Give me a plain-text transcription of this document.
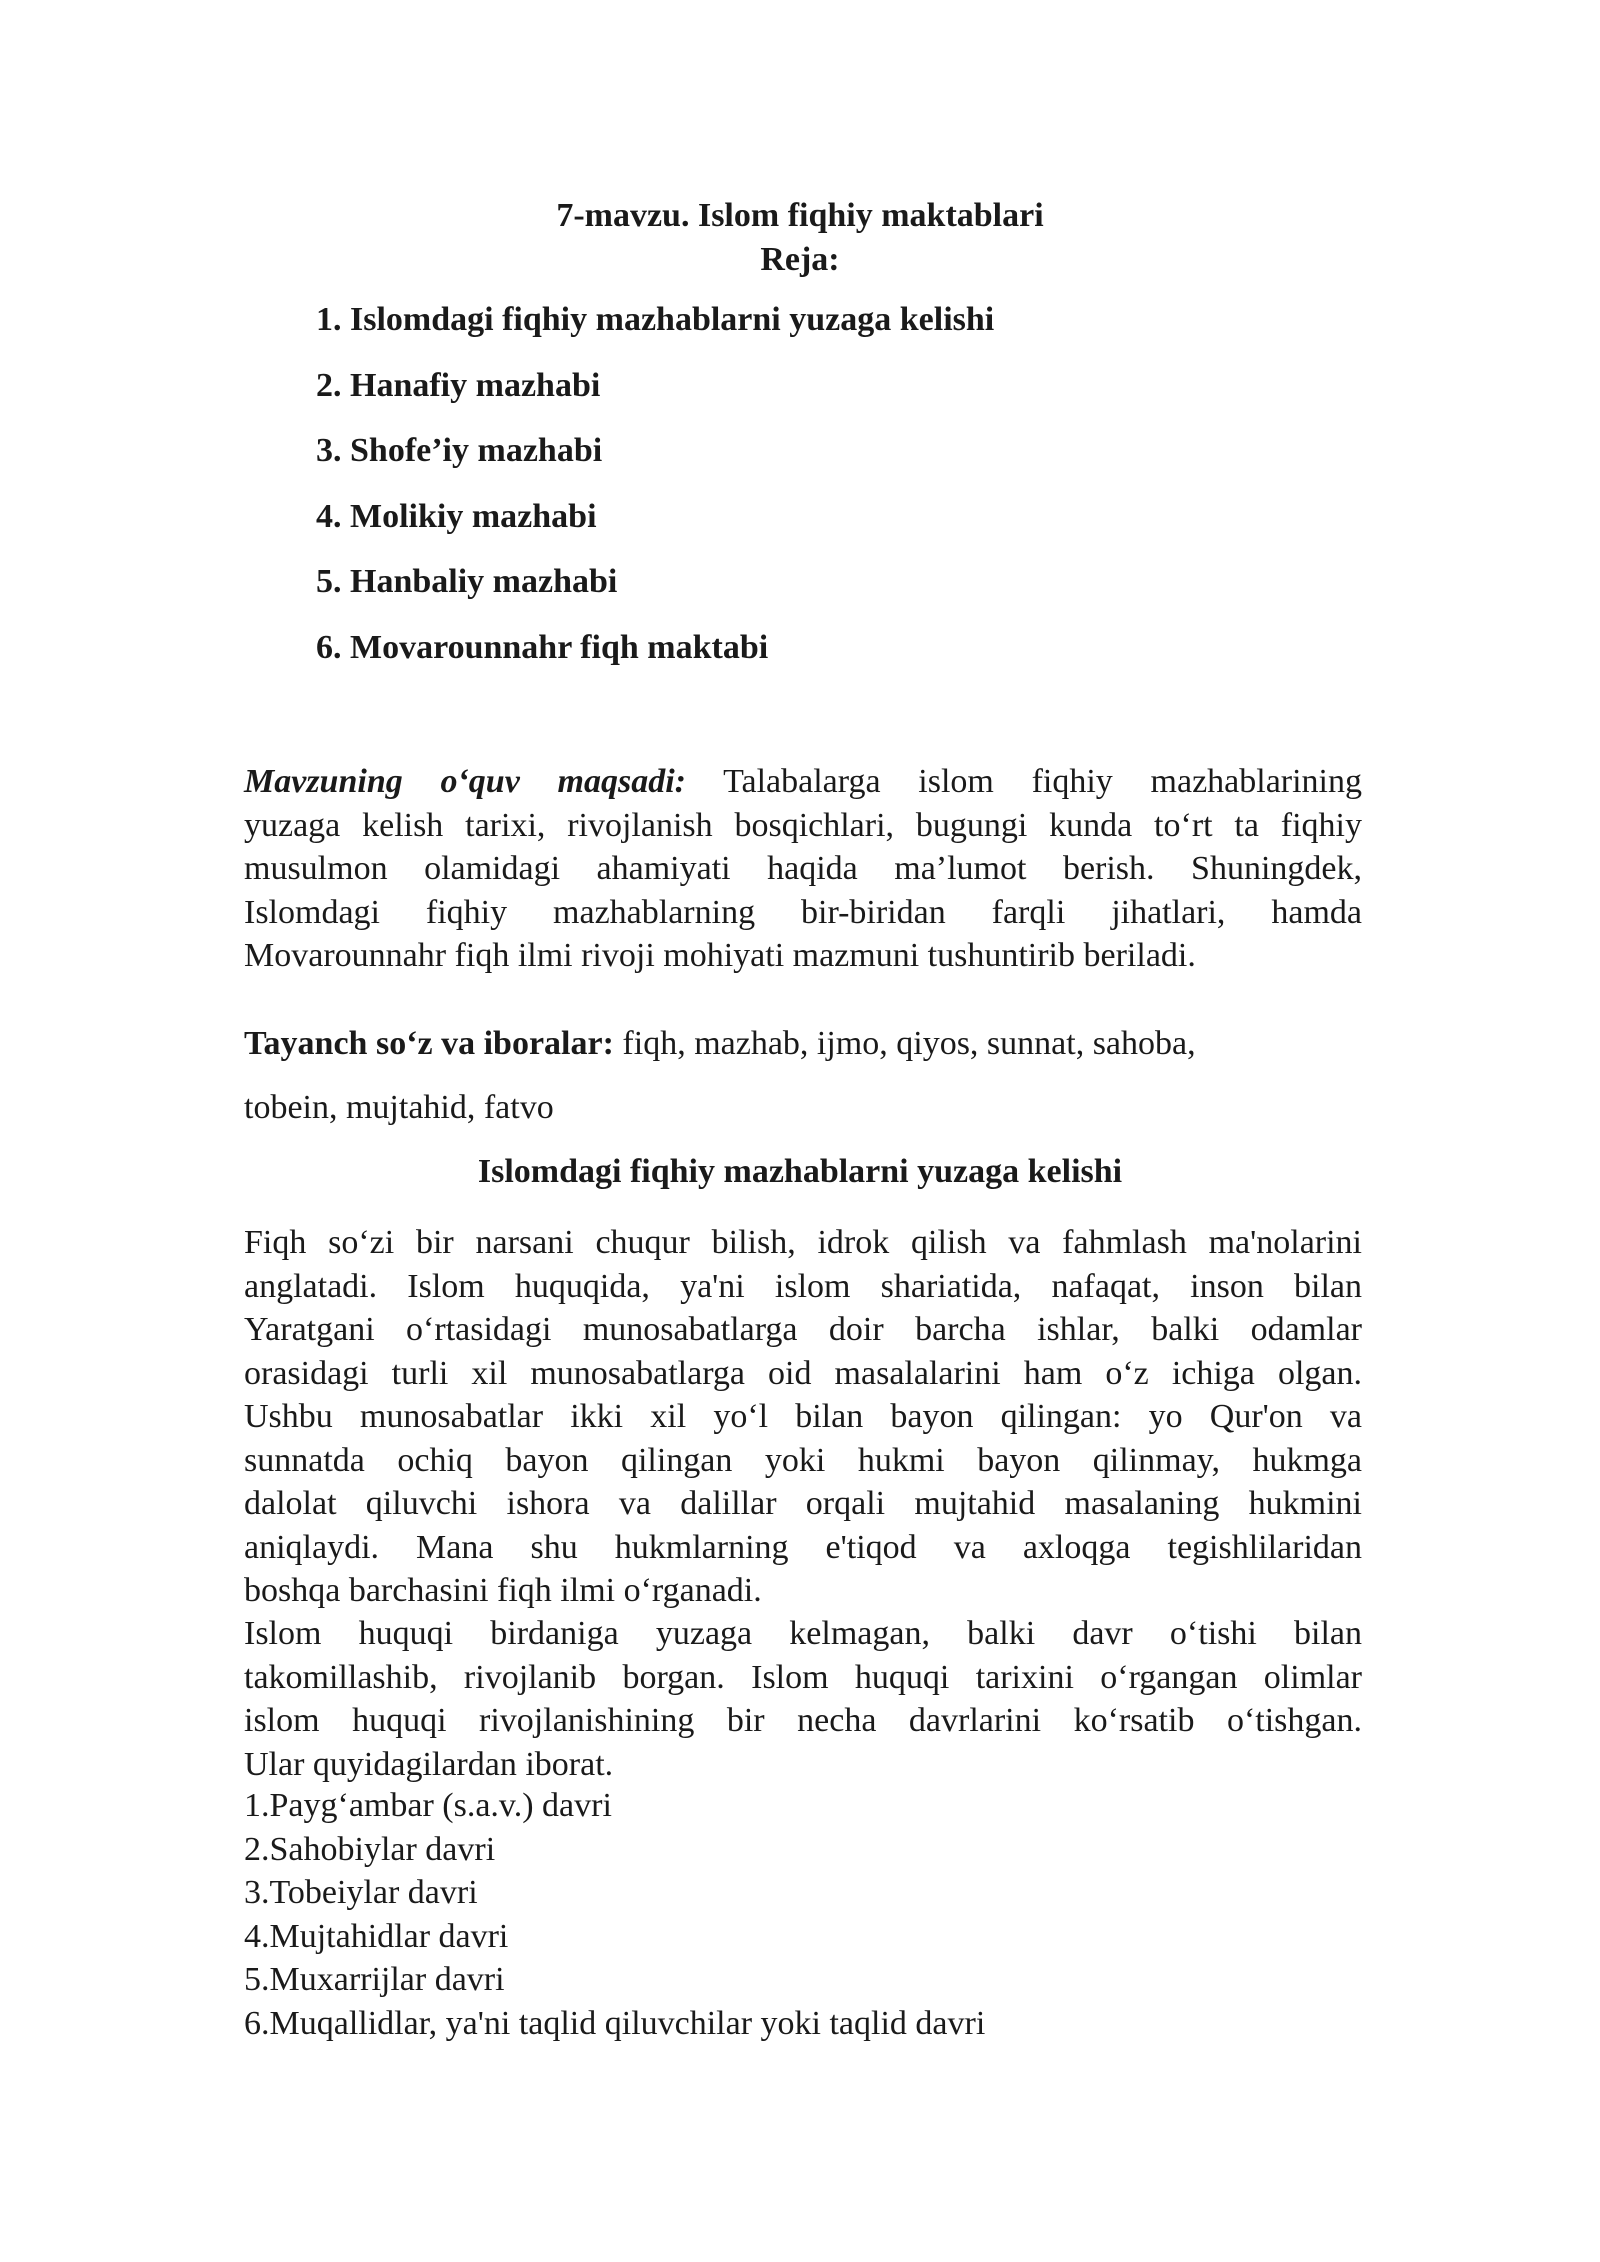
7-mavzu. Islom fiqhiy maktablari
Reja:
1. Islomdagi fiqhiy mazhablarni yuzaga kelishi
2. Hanafiy mazhabi
3. Shofe’iy mazhabi
4. Molikiy mazhabi
5. Hanbaliy mazhabi
6. Movarounnahr fiqh maktabi
Mavzuning o‘quv maqsadi: Talabalarga islom fiqhiy mazhablarining
yuzaga kelish tarixi, rivojlanish bosqichlari, bugungi kunda to‘rt ta fiqhiy
musulmon olamidagi ahamiyati haqida ma’lumot berish. Shuningdek,
Islomdagi fiqhiy mazhablarning bir-biridan farqli jihatlari, hamda
Movarounnahr fiqh ilmi rivoji mohiyati mazmuni tushuntirib beriladi.

Tayanch so‘z va iboralar: fiqh, mazhab, ijmo, qiyos, sunnat, sahoba,

tobein, mujtahid, fatvo

Islomdagi fiqhiy mazhablarni yuzaga kelishi
Fiqh so‘zi bir narsani chuqur bilish, idrok qilish va fahmlash ma'nolarini
anglatadi. Islom huquqida, ya'ni islom shariatida, nafaqat, inson bilan
Yaratgani o‘rtasidagi munosabatlarga doir barcha ishlar, balki odamlar
orasidagi turli xil munosabatlarga oid masalalarini ham o‘z ichiga olgan.
Ushbu munosabatlar ikki xil yo‘l bilan bayon qilingan: yo Qur'on va
sunnatda ochiq bayon qilingan yoki hukmi bayon qilinmay, hukmga
dalolat qiluvchi ishora va dalillar orqali mujtahid masalaning hukmini
aniqlaydi. Mana shu hukmlarning e'tiqod va axloqga tegishlilaridan
boshqa barchasini fiqh ilmi o‘rganadi.
Islom huquqi birdaniga yuzaga kelmagan, balki davr o‘tishi bilan
takomillashib, rivojlanib borgan. Islom huquqi tarixini o‘rgangan olimlar
islom huquqi rivojlanishining bir necha davrlarini ko‘rsatib o‘tishgan.
Ular quyidagilardan iborat.
1.Payg‘ambar (s.a.v.) davri
2.Sahobiylar davri
3.Tobeiylar davri
4.Mujtahidlar davri
5.Muxarrijlar davri
6.Muqallidlar, ya'ni taqlid qiluvchilar yoki taqlid davri
